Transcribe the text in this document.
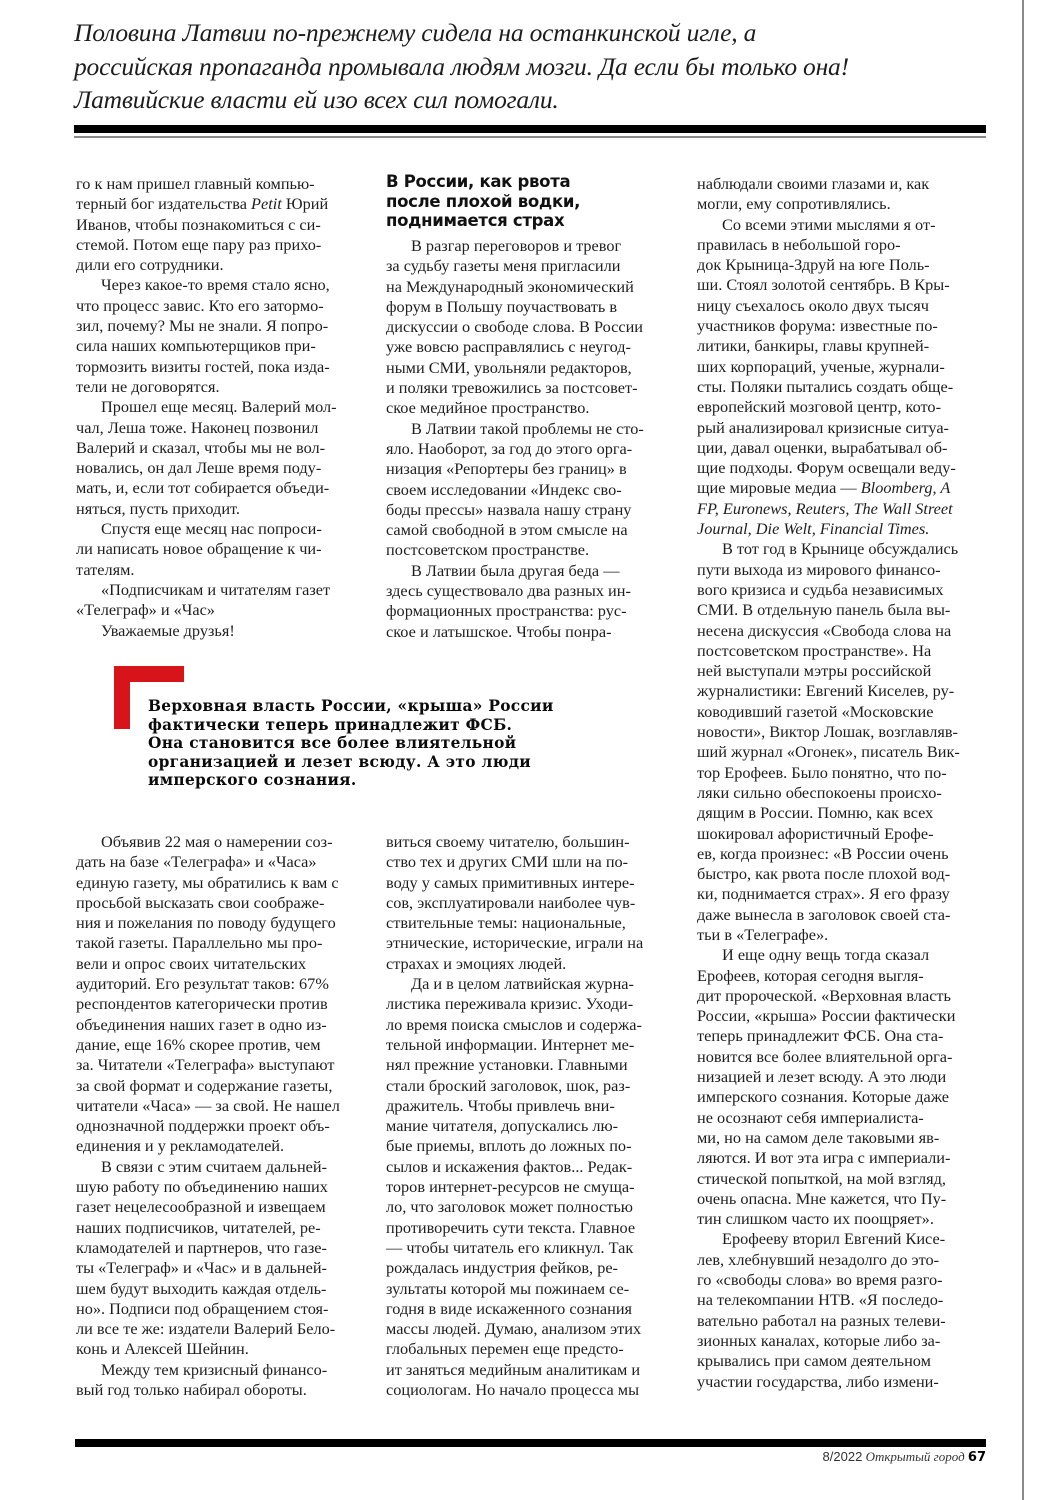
Половина Латвии по-прежнему сидела на останкинской игле, а
российская пропаганда промывала людям мозги. Да если бы только она!
Латвийские власти ей изо всех сил помогали.
го к нам пришел главный компью-
терный бог издательства Petit Юрий
Иванов, чтобы познакомиться с си-
стемой. Потом еще пару раз прихо-
дили его сотрудники.
Через какое-то время стало ясно,
что процесс завис. Кто его затормо-
зил, почему? Мы не знали. Я попро-
сила наших компьютерщиков при-
тормозить визиты гостей, пока изда-
тели не договорятся.
Прошел еще месяц. Валерий мол-
чал, Леша тоже. Наконец позвонил
Валерий и сказал, чтобы мы не вол-
новались, он дал Леше время поду-
мать, и, если тот собирается объеди-
няться, пусть приходит.
Спустя еще месяц нас попроси-
ли написать новое обращение к чи-
тателям.
«Подписчикам и читателям газет
«Телеграф» и «Час»
Уважаемые друзья!
В России, как рвота
после плохой водки,
поднимается страх
В разгар переговоров и тревог
за судьбу газеты меня пригласили
на Международный экономический
форум в Польшу поучаствовать в
дискуссии о свободе слова. В России
уже вовсю расправлялись с неугод-
ными СМИ, увольняли редакторов,
и поляки тревожились за постсовет-
ское медийное пространство.
В Латвии такой проблемы не сто-
яло. Наоборот, за год до этого орга-
низация «Репортеры без границ» в
своем исследовании «Индекс сво-
боды прессы» назвала нашу страну
самой свободной в этом смысле на
постсоветском пространстве.
В Латвии была другая беда —
здесь существовало два разных ин-
формационных пространства: рус-
ское и латышское. Чтобы понра-
наблюдали своими глазами и, как
могли, ему сопротивлялись.
Со всеми этими мыслями я от-
правилась в небольшой горо-
док Крыница-Здруй на юге Поль-
ши. Стоял золотой сентябрь. В Кры-
ницу съехалось около двух тысяч
участников форума: известные по-
литики, банкиры, главы крупней-
ших корпораций, ученые, журнали-
сты. Поляки пытались создать обще-
европейский мозговой центр, кото-
рый анализировал кризисные ситуа-
ции, давал оценки, вырабатывал об-
щие подходы. Форум освещали веду-
щие мировые медиа — Bloomberg, A
FP, Euronews, Reuters, The Wall Street
Journal, Die Welt, Financial Times.
В тот год в Крынице обсуждались
пути выхода из мирового финансо-
вого кризиса и судьба независимых
СМИ. В отдельную панель была вы-
несена дискуссия «Свобода слова на
постсоветском пространстве». На
ней выступали мэтры российской
журналистики: Евгений Киселев, ру-
ководивший газетой «Московские
новости», Виктор Лошак, возглавляв-
ший журнал «Огонек», писатель Вик-
тор Ерофеев. Было понятно, что по-
ляки сильно обеспокоены происхо-
дящим в России. Помню, как всех
шокировал афористичный Ерофе-
ев, когда произнес: «В России очень
быстро, как рвота после плохой вод-
ки, поднимается страх». Я его фразу
даже вынесла в заголовок своей ста-
тьи в «Телеграфе».
И еще одну вещь тогда сказал
Ерофеев, которая сегодня выгля-
дит пророческой. «Верховная власть
России, «крыша» России фактически
теперь принадлежит ФСБ. Она ста-
новится все более влиятельной орга-
низацией и лезет всюду. А это люди
имперского сознания. Которые даже
не осознают себя империалиста-
ми, но на самом деле таковыми яв-
ляются. И вот эта игра с империали-
стической попыткой, на мой взгляд,
очень опасна. Мне кажется, что Пу-
тин слишком часто их поощряет».
Ерофееву вторил Евгений Кисе-
лев, хлебнувший незадолго до это-
го «свободы слова» во время разго-
на телекомпании НТВ. «Я последо-
вательно работал на разных телеви-
зионных каналах, которые либо за-
крывались при самом деятельном
участии государства, либо измени-
Верховная власть России, «крыша» России
фактически теперь принадлежит ФСБ.
Она становится все более влиятельной
организацией и лезет всюду. А это люди
имперского сознания.
Объявив 22 мая о намерении соз-
дать на базе «Телеграфа» и «Часа»
единую газету, мы обратились к вам с
просьбой высказать свои соображе-
ния и пожелания по поводу будущего
такой газеты. Параллельно мы про-
вели и опрос своих читательских
аудиторий. Его результат таков: 67%
респондентов категорически против
объединения наших газет в одно из-
дание, еще 16% скорее против, чем
за. Читатели «Телеграфа» выступают
за свой формат и содержание газеты,
читатели «Часа» — за свой. Не нашел
однозначной поддержки проект объ-
единения и у рекламодателей.
В связи с этим считаем дальней-
шую работу по объединению наших
газет нецелесообразной и извещаем
наших подписчиков, читателей, ре-
кламодателей и партнеров, что газе-
ты «Телеграф» и «Час» и в дальней-
шем будут выходить каждая отдель-
но». Подписи под обращением стоя-
ли все те же: издатели Валерий Бело-
конь и Алексей Шейнин.
Между тем кризисный финансо-
вый год только набирал обороты.
виться своему читателю, большин-
ство тех и других СМИ шли на по-
воду у самых примитивных интере-
сов, эксплуатировали наиболее чув-
ствительные темы: национальные,
этнические, исторические, играли на
страхах и эмоциях людей.
Да и в целом латвийская журна-
листика переживала кризис. Уходи-
ло время поиска смыслов и содержа-
тельной информации. Интернет ме-
нял прежние установки. Главными
стали броский заголовок, шок, раз-
дражитель. Чтобы привлечь вни-
мание читателя, допускались лю-
бые приемы, вплоть до ложных по-
сылов и искажения фактов... Редак-
торов интернет-ресурсов не смуща-
ло, что заголовок может полностью
противоречить сути текста. Главное
— чтобы читатель его кликнул. Так
рождалась индустрия фейков, ре-
зультаты которой мы пожинаем се-
годня в виде искаженного сознания
массы людей. Думаю, анализом этих
глобальных перемен еще предсто-
ит заняться медийным аналитикам и
социологам. Но начало процесса мы
8/2022 Открытый город 67
